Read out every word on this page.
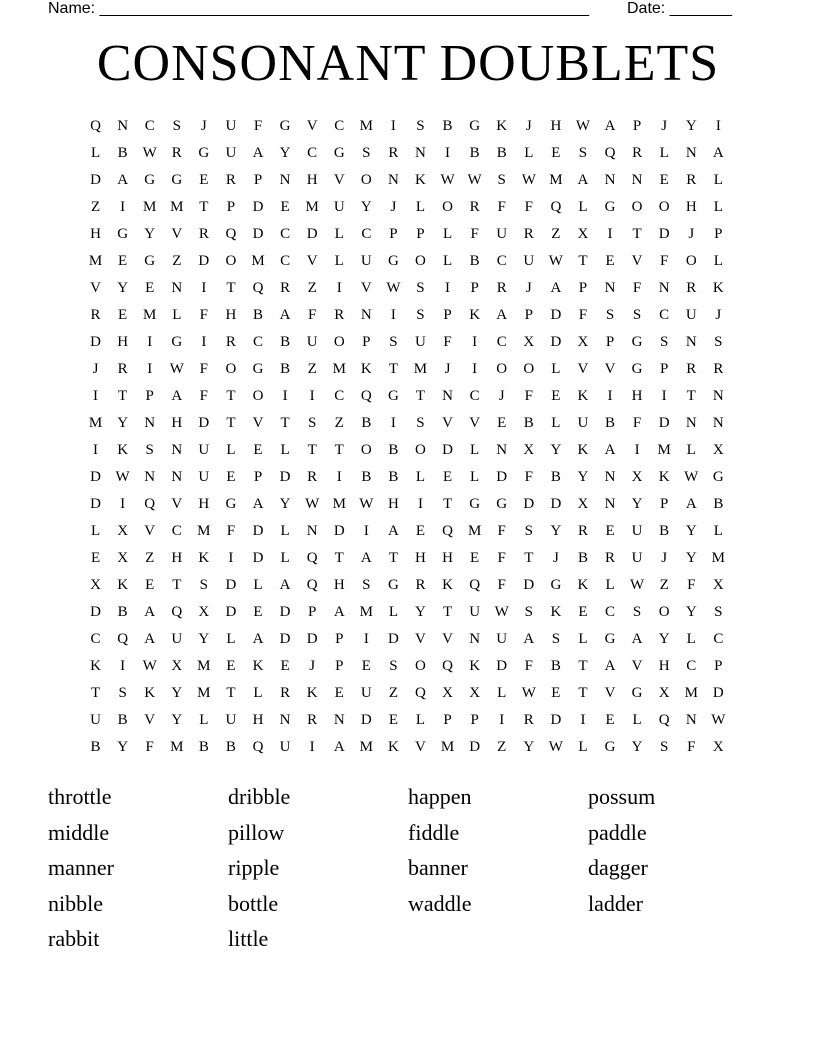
Name: _______________________________________________________ Date: _______
CONSONANT DOUBLETS
Q	N	C	S	J	U	F	G	V	C	M	I	S	B	G	K	J	H W A	P	J	Y	I
L	B W R	G	U	A	Y	C	G	S	R	N	I	B	B	L	E	S	Q	R	L	N	A
D	A	G	G	E	R	P	N	H	V	O	N	K W W	S	W M A	N	N	E	R	L
Z	I	M M	T	P	D	E	M U	Y	J	L	O	R	F	F	Q	L	G	O	O	H	L
H	G	Y	V	R	Q	D	C	D	L	C	P	P	L	F	U	R	Z	X	I	T	D	J	P
M	E	G	Z	D	O M	C	V	L	U	G	O	L	B	C	U W	T	E	V	F	O	L
V	Y	E	N	I	T	Q	R	Z	I	V W	S	I	P	R	J	A	P	N	F	N	R	K
R	E	M	L	F	H	B	A	F	R	N	I	S	P	K	A	P	D	F	S	S	C	U	J
D	H	I	G	I	R	C	B	U	O	P	S	U	F	I	C	X	D	X	P	G	S	N	S
J	R	I	W	F	O	G	B	Z	M K	T	M	J	I	O	O	L	V	V	G	P	R	R
I	T	P	A	F	T	O	I	I	C	Q	G	T	N	C	J	F	E	K	I	H	I	T	N
M Y	N	H	D	T	V	T	S	Z	B	I	S	V	V	E	B	L	U	B	F	D	N	N
I	K	S	N	U	L	E	L	T	T	O	B	O	D	L	N	X	Y	K	A	I	M	L	X
D W N	N	U	E	P	D	R	I	B	B	L	E	L	D	F	B	Y	N	X	K W G
D	I	Q	V	H	G	A	Y W M W H	I	T	G	G	D	D	X	N	Y	P	A	B
L	X	V	C	M	F	D	L	N	D	I	A	E	Q M	F	S	Y	R	E	U	B	Y	L
E	X	Z	H	K	I	D	L	Q	T	A	T	H	H	E	F	T	J	B	R	U	J	Y M
X	K	E	T	S	D	L	A	Q	H	S	G	R	K	Q	F	D	G	K	L	W	Z	F	X
D	B	A	Q	X	D	E	D	P	A M	L	Y	T	U W	S	K	E	C	S	O	Y	S
C	Q	A	U	Y	L	A	D	D	P	I	D	V	V	N	U	A	S	L	G	A	Y	L	C
K	I	W X M	E	K	E	J	P	E	S	O	Q	K	D	F	B	T	A	V	H	C	P
T	S	K	Y M	T	L	R	K	E	U	Z	Q	X	X	L	W	E	T	V	G	X M D
U	B	V	Y	L	U	H	N	R	N	D	E	L	P	P	I	R	D	I	E	L	Q	N W
B	Y	F	M	B	B	Q	U	I	A M K	V M D	Z	Y W	L	G	Y	S	F	X
throttle	dribble	happen	possum
middle	pillow	fiddle	paddle
manner	ripple	banner	dagger
nibble	bottle	waddle	ladder
rabbit	little
